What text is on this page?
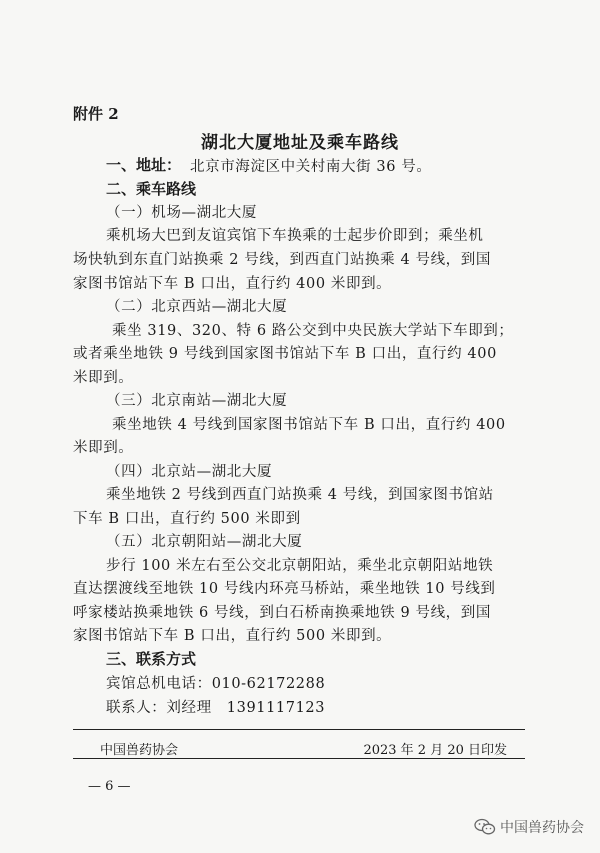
附件 2
湖北大厦地址及乘车路线
一、地址： 北京市海淀区中关村南大街 36 号。
二、乘车路线
（一）机场—湖北大厦
乘机场大巴到友谊宾馆下车换乘的士起步价即到；乘坐机
场快轨到东直门站换乘 2 号线，到西直门站换乘 4 号线，到国
家图书馆站下车 B 口出，直行约 400 米即到。
（二）北京西站—湖北大厦
乘坐 319、320、特 6 路公交到中央民族大学站下车即到；
或者乘坐地铁 9 号线到国家图书馆站下车 B 口出，直行约 400
米即到。
（三）北京南站—湖北大厦
乘坐地铁 4 号线到国家图书馆站下车 B 口出，直行约 400
米即到。
（四）北京站—湖北大厦
乘坐地铁 2 号线到西直门站换乘 4 号线，到国家图书馆站
下车 B 口出，直行约 500 米即到
（五）北京朝阳站—湖北大厦
步行 100 米左右至公交北京朝阳站，乘坐北京朝阳站地铁
直达摆渡线至地铁 10 号线内环亮马桥站，乘坐地铁 10 号线到
呼家楼站换乘地铁 6 号线，到白石桥南换乘地铁 9 号线，到国
家图书馆站下车 B 口出，直行约 500 米即到。
三、联系方式
宾馆总机电话：010-62172288
联系人：刘经理　1391117123
中国兽药协会	2023 年 2 月 20 日印发
— 6 —
中国兽药协会
